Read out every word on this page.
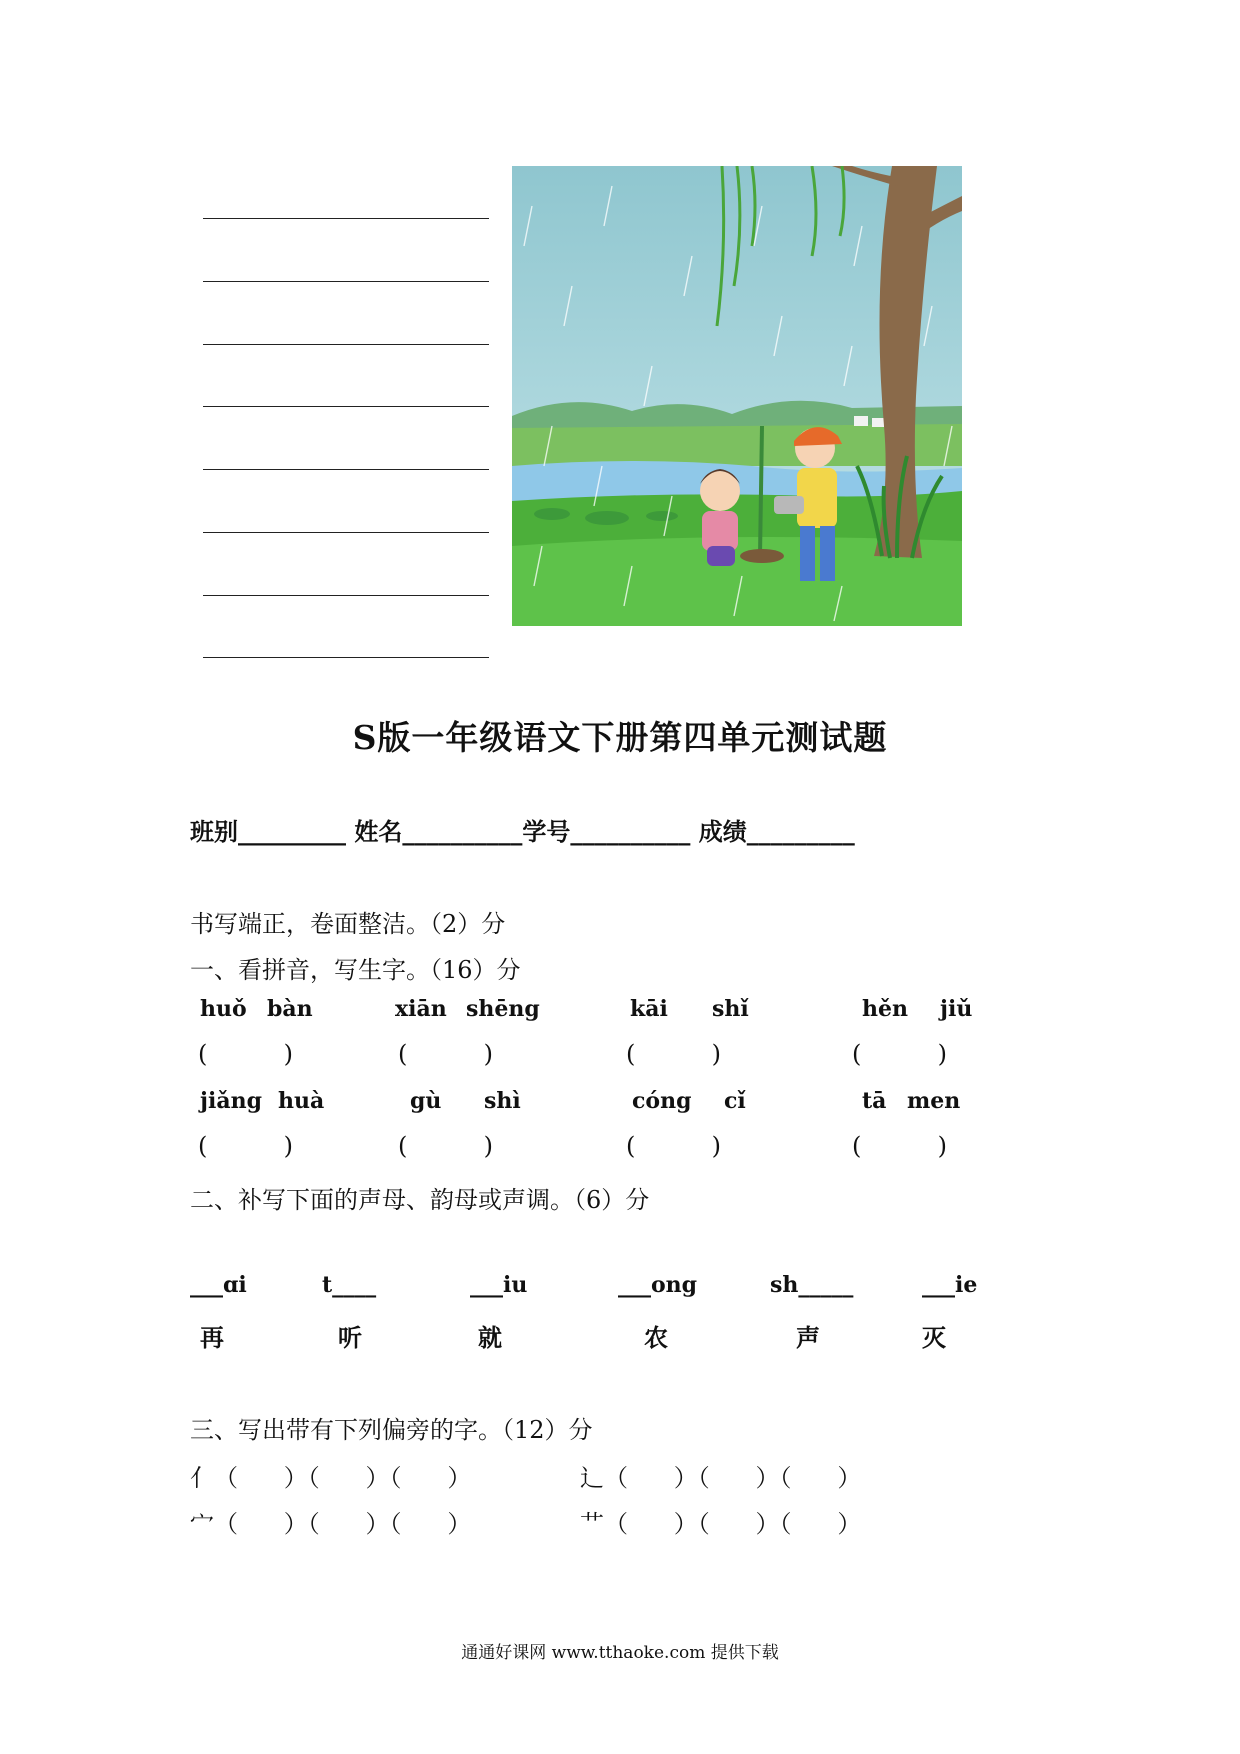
S版一年级语文下册第四单元测试题
班别_________ 姓名__________学号__________ 成绩_________
书写端正，卷面整洁。（2）分
一、看拼音，写生字。（16）分
huǒ bàn	xiān shēng	kāi shǐ	hěn jiǔ
(          )	(          )	(          )	(          )
jiǎng huà	gù shì	cóng cǐ	tā men
(          )	(          )	(          )	(          )
二、补写下面的声母、韵母或声调。（6）分
___ɑi	t____	___iu	___ong	sh_____	___ie
再	听	就	农	声	灭
三、写出带有下列偏旁的字。（12）分
亻（      ）（      ）（      ）	辶（      ）（      ）（      ）
宀（      ）（      ）（      ）	艹（      ）（      ）（      ）
通通好课网 www.tthaoke.com 提供下载
